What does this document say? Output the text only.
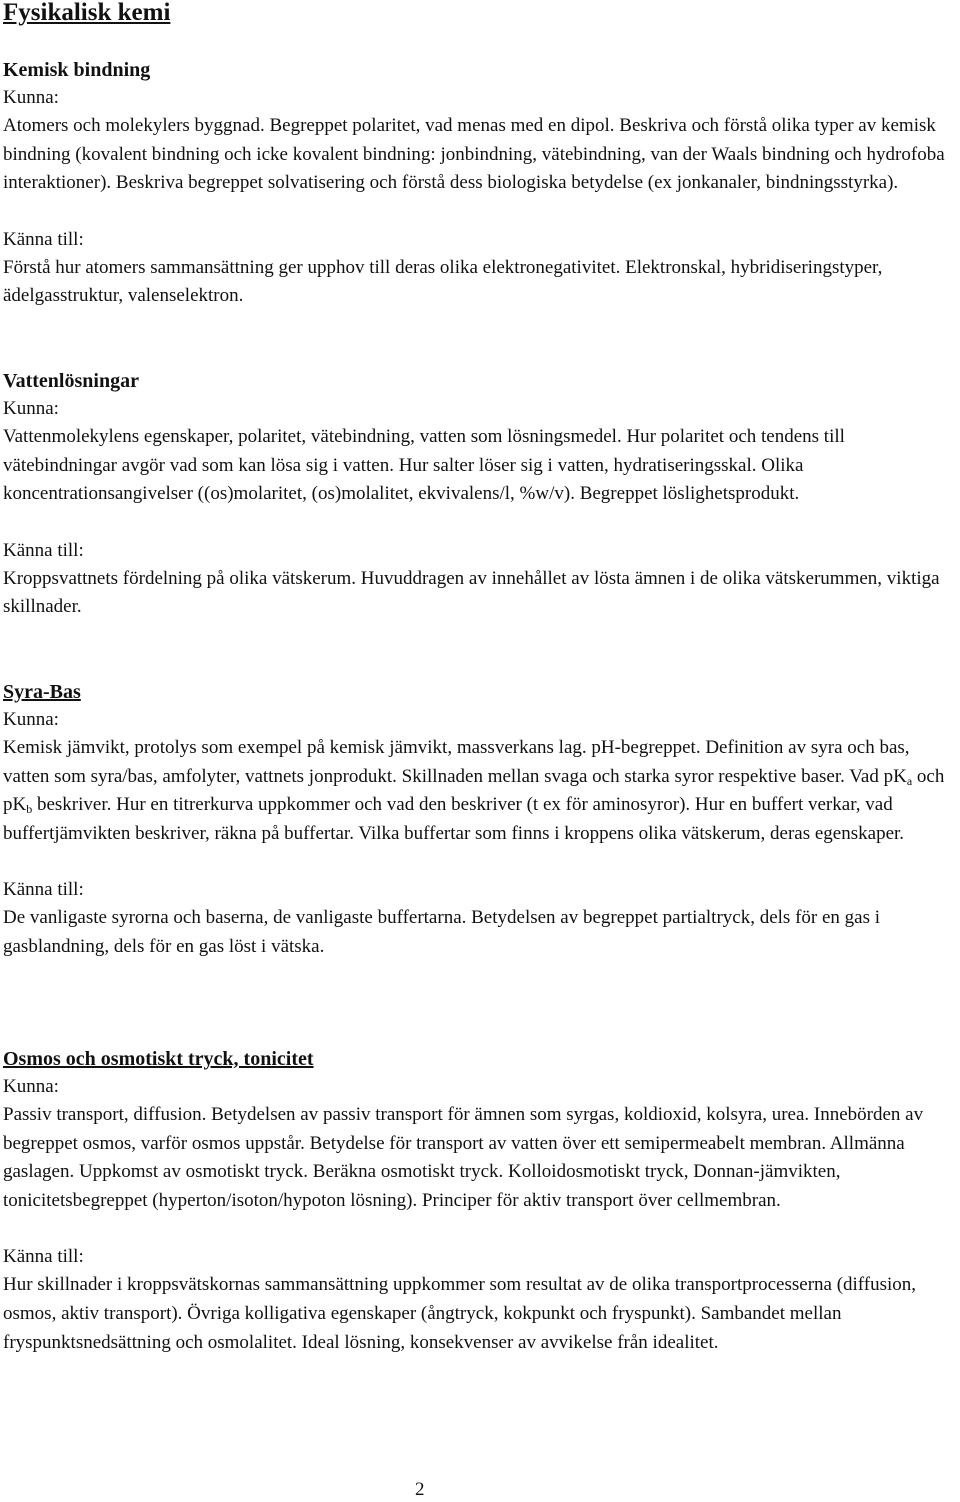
Fysikalisk kemi

Kemisk bindning

Kunna:

Atomers och molekylers byggnad. Begreppet polaritet, vad menas med en dipol. Beskriva och förstå olika typer av kemisk bindning (kovalent bindning och icke kovalent bindning: jonbindning, vätebindning, van der Waals bindning och hydrofoba interaktioner). Beskriva begreppet solvatisering och förstå dess biologiska betydelse (ex jonkanaler, bindningsstyrka).

Känna till:

Förstå hur atomers sammansättning ger upphov till deras olika elektronegativitet. Elektronskal, hybridiseringstyper, ädelgasstruktur, valenselektron.

Vattenlösningar

Kunna:

Vattenmolekylens egenskaper, polaritet, vätebindning, vatten som lösningsmedel. Hur polaritet och tendens till vätebindningar avgör vad som kan lösa sig i vatten. Hur salter löser sig i vatten, hydratiseringsskal. Olika koncentrationsangivelser ((os)molaritet, (os)molalitet, ekvivalens/l, %w/v). Begreppet löslighetsprodukt.

Känna till:

Kroppsvattnets fördelning på olika vätskerum. Huvuddragen av innehållet av lösta ämnen i de olika vätskerummen, viktiga skillnader.

Syra-Bas

Kunna:

Kemisk jämvikt, protolys som exempel på kemisk jämvikt, massverkans lag. pH-begreppet. Definition av syra och bas, vatten som syra/bas, amfolyter, vattnets jonprodukt. Skillnaden mellan svaga och starka syror respektive baser. Vad $pK_a$ och $pK_b$ beskriver. Hur en titrerkurva uppkommer och vad den beskriver (t ex för aminosyror). Hur en buffert verkar, vad buffertjämvikten beskriver, räkna på buffertar. Vilka buffertar som finns i kroppens olika vätskerum, deras egenskaper.

Känna till:

De vanligaste syrorna och baserna, de vanligaste buffertarna. Betydelsen av begreppet partialtryck, dels för en gas i gasblandning, dels för en gas löst i vätska.

Osmos och osmotiskt tryck, tonicitet

Kunna:

Passiv transport, diffusion. Betydelsen av passiv transport för ämnen som syrgas, koldioxid, kolsyra, urea. Innebörden av begreppet osmos, varför osmos uppstår. Betydelse för transport av vatten över ett semipermeabelt membran. Allmänna gaslagen. Uppkomst av osmotiskt tryck. Beräkna osmotiskt tryck. Kolloidosmotiskt tryck, Donnan-jämvikten, tonicitetsbegreppet (hyperton/isoton/hypoton lösning). Principer för aktiv transport över cellmembran.

Känna till:

Hur skillnader i kroppsvätskornas sammansättning uppkommer som resultat av de olika transportprocesserna (diffusion, osmos, aktiv transport). Övriga kolligativa egenskaper (ångtryck, kokpunkt och fryspunkt). Sambandet mellan fryspunktsnedsättning och osmolalitet. Ideal lösning, konsekvenser av avvikelse från idealitet.

2
